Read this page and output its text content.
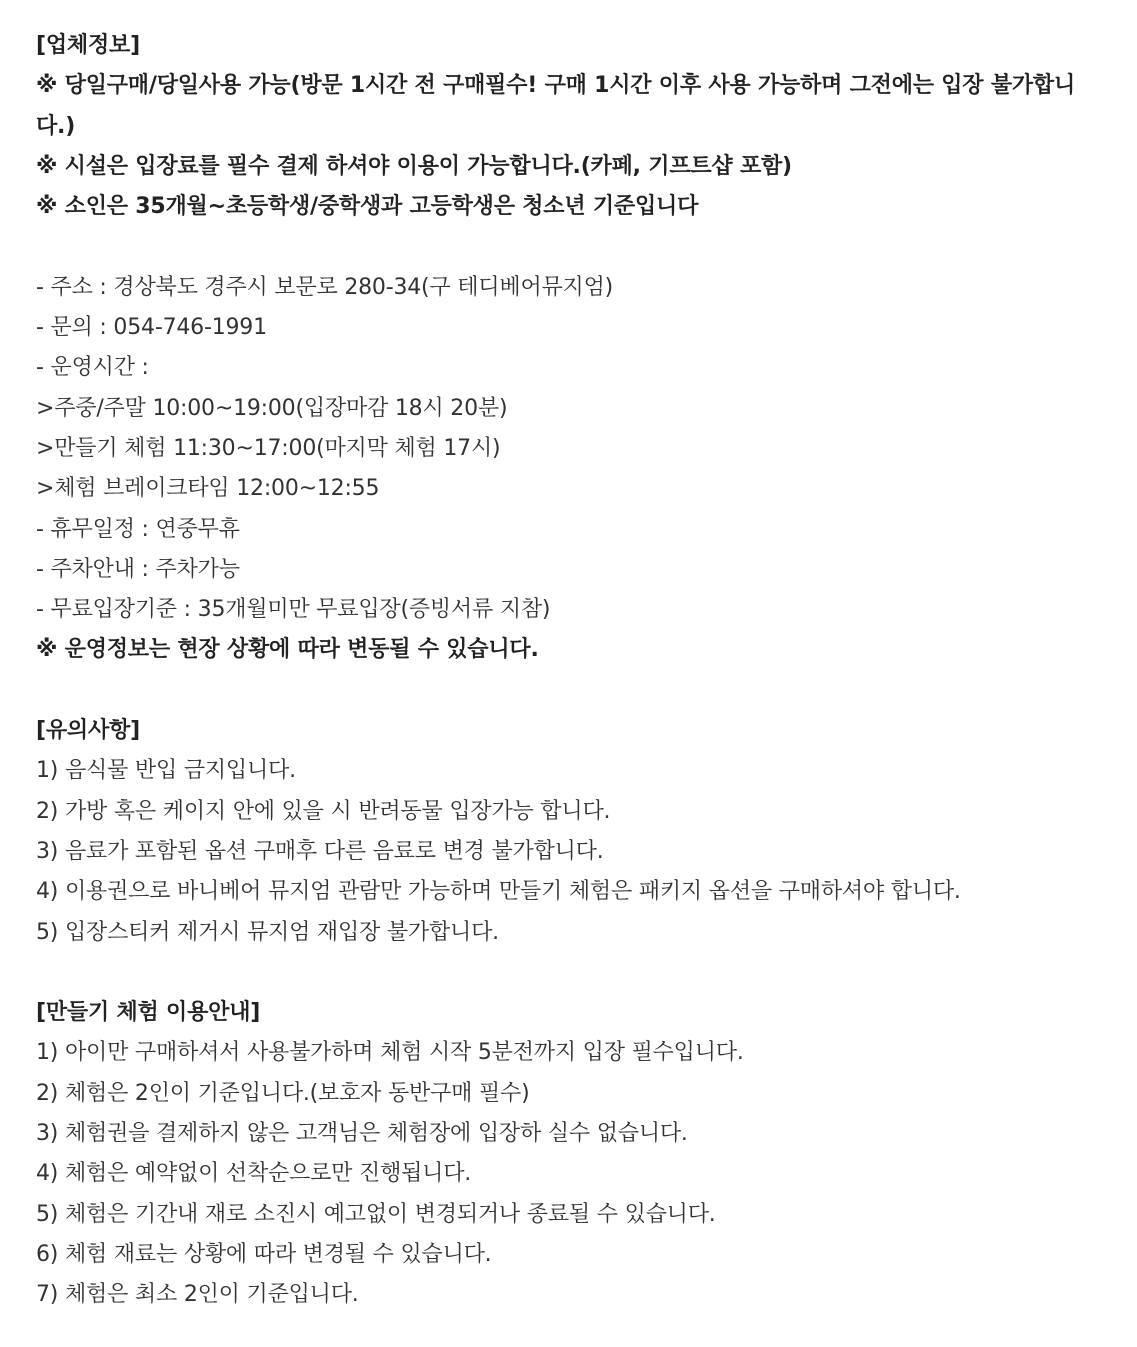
[업체정보]

※ 당일구매/당일사용 가능(방문 1시간 전 구매필수! 구매 1시간 이후 사용 가능하며 그전에는 입장 불가합니다.)

※ 시설은 입장료를 필수 결제 하셔야 이용이 가능합니다.(카페, 기프트샵 포함)

※ 소인은 35개월~초등학생/중학생과 고등학생은 청소년 기준입니다

- 주소 : 경상북도 경주시 보문로 280-34(구 테디베어뮤지엄)

- 문의 : 054-746-1991

- 운영시간 :

>주중/주말 10:00~19:00(입장마감 18시 20분)

>만들기 체험 11:30~17:00(마지막 체험 17시)

>체험 브레이크타임 12:00~12:55

- 휴무일정 : 연중무휴

- 주차안내 : 주차가능

- 무료입장기준 : 35개월미만 무료입장(증빙서류 지참)

※ 운영정보는 현장 상황에 따라 변동될 수 있습니다.

[유의사항]

1) 음식물 반입 금지입니다.

2) 가방 혹은 케이지 안에 있을 시 반려동물 입장가능 합니다.

3) 음료가 포함된 옵션 구매후 다른 음료로 변경 불가합니다.

4) 이용권으로 바니베어 뮤지엄 관람만 가능하며 만들기 체험은 패키지 옵션을 구매하셔야 합니다.

5) 입장스티커 제거시 뮤지엄 재입장 불가합니다.

[만들기 체험 이용안내]

1) 아이만 구매하셔서 사용불가하며 체험 시작 5분전까지 입장 필수입니다.

2) 체험은 2인이 기준입니다.(보호자 동반구매 필수)

3) 체험권을 결제하지 않은 고객님은 체험장에 입장하 실수 없습니다.

4) 체험은 예약없이 선착순으로만 진행됩니다.

5) 체험은 기간내 재로 소진시 예고없이 변경되거나 종료될 수 있습니다.

6) 체험 재료는 상황에 따라 변경될 수 있습니다.

7) 체험은 최소 2인이 기준입니다.
